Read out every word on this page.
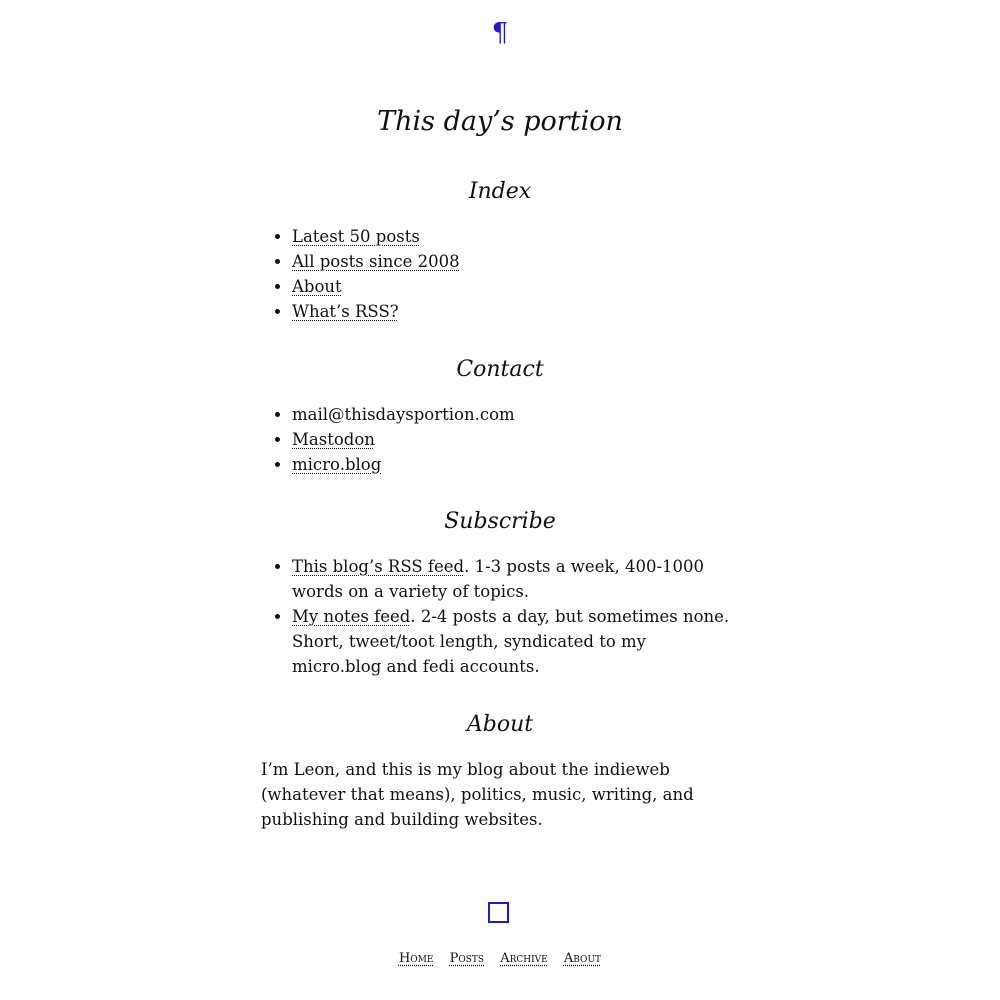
¶
This day’s portion
Index
• Latest 50 posts
• All posts since 2008
• About
• What’s RSS?
Contact
• mail@thisdaysportion.com
• Mastodon
• micro.blog
Subscribe
• This blog’s RSS feed. 1-3 posts a week, 400-1000 words on a variety of topics.
• My notes feed. 2-4 posts a day, but sometimes none. Short, tweet/toot length, syndicated to my micro.blog and fedi accounts.
About

I’m Leon, and this is my blog about the indieweb (whatever that means), politics, music, writing, and publishing and building websites.

Home Posts Archive About
